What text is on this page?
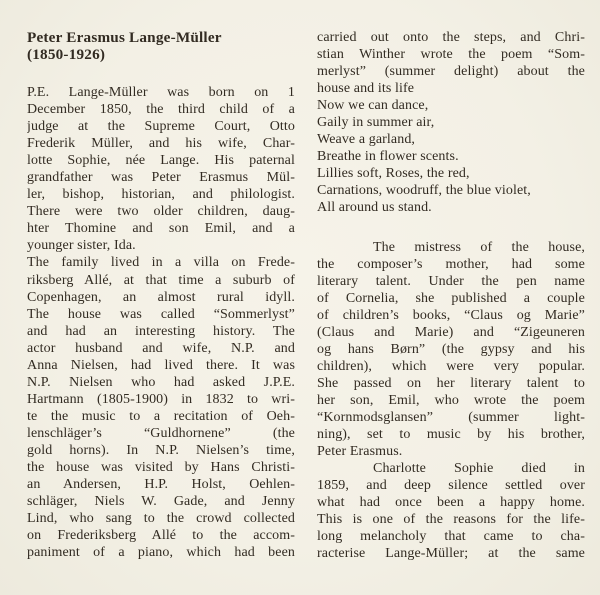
Peter Erasmus Lange-Müller
(1850-1926)
P.E. Lange-Müller was born on 1
December 1850, the third child of a
judge at the Supreme Court, Otto
Frederik Müller, and his wife, Char-
lotte Sophie, née Lange. His paternal
grandfather was Peter Erasmus Mül-
ler, bishop, historian, and philologist.
There were two older children, daug-
hter Thomine and son Emil, and a
younger sister, Ida.
The family lived in a villa on Frede-
riksberg Allé, at that time a suburb of
Copenhagen, an almost rural idyll.
The house was called “Sommerlyst”
and had an interesting history. The
actor husband and wife, N.P. and
Anna Nielsen, had lived there. It was
N.P. Nielsen who had asked J.P.E.
Hartmann (1805-1900) in 1832 to wri-
te the music to a recitation of Oeh-
lenschläger’s “Guldhornene” (the
gold horns). In N.P. Nielsen’s time,
the house was visited by Hans Christi-
an Andersen, H.P. Holst, Oehlen-
schläger, Niels W. Gade, and Jenny
Lind, who sang to the crowd collected
on Frederiksberg Allé to the accom-
paniment of a piano, which had been
carried out onto the steps, and Chri-
stian Winther wrote the poem “Som-
merlyst” (summer delight) about the
house and its life
Now we can dance,
Gaily in summer air,
Weave a garland,
Breathe in flower scents.
Lillies soft, Roses, the red,
Carnations, woodruff, the blue violet,
All around us stand.
The mistress of the house,
the composer’s mother, had some
literary talent. Under the pen name
of Cornelia, she published a couple
of children’s books, “Claus og Marie”
(Claus and Marie) and “Zigeuneren
og hans Børn” (the gypsy and his
children), which were very popular.
She passed on her literary talent to
her son, Emil, who wrote the poem
“Kornmodsglansen” (summer light-
ning), set to music by his brother,
Peter Erasmus.
Charlotte Sophie died in
1859, and deep silence settled over
what had once been a happy home.
This is one of the reasons for the life-
long melancholy that came to cha-
racterise Lange-Müller; at the same
